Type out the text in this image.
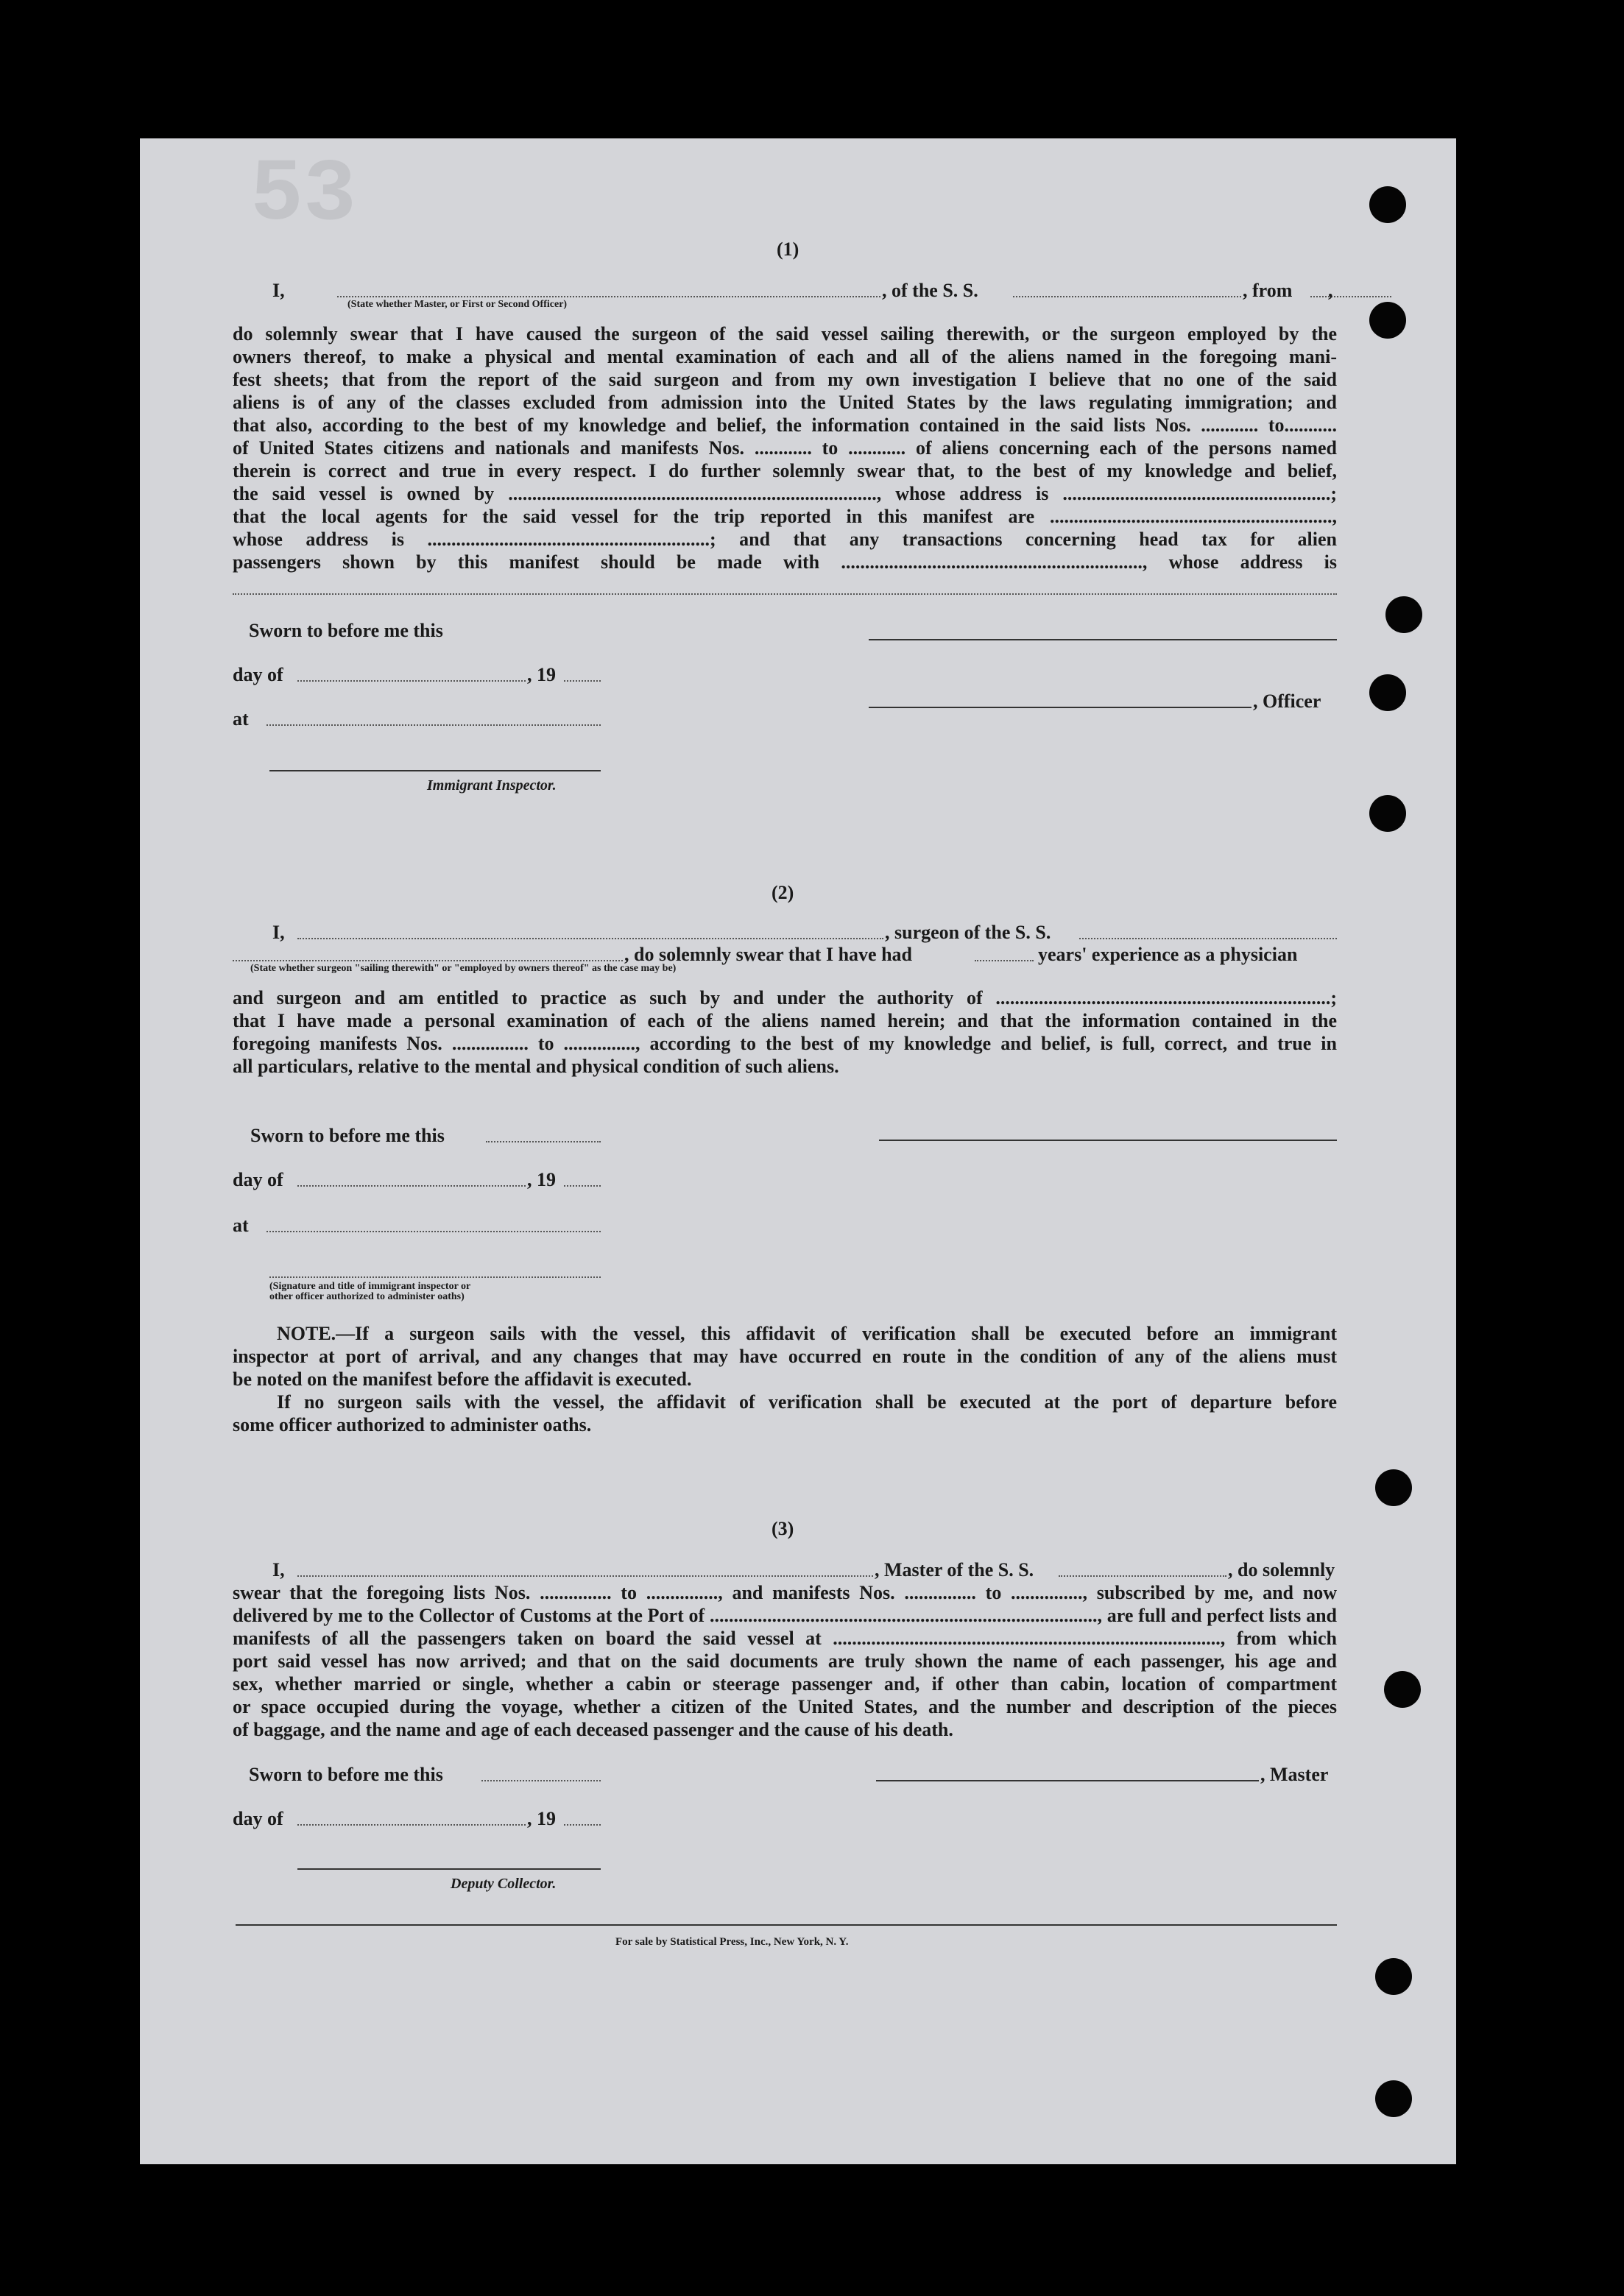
53
(1)
I,	, of the S. S.	, from ,
(State whether Master, or First or Second Officer)

do solemnly swear that I have caused the surgeon of the said vessel sailing therewith, or the surgeon employed by the

owners thereof, to make a physical and mental examination of each and all of the aliens named in the foregoing mani-

fest sheets; that from the report of the said surgeon and from my own investigation I believe that no one of the said

aliens is of any of the classes excluded from admission into the United States by the laws regulating immigration; and

that also, according to the best of my knowledge and belief, the information contained in the said lists Nos. ............ to...........

of United States citizens and nationals and manifests Nos. ............ to ............ of aliens concerning each of the persons named

therein is correct and true in every respect. I do further solemnly swear that, to the best of my knowledge and belief,

the said vessel is owned by ............................................................................., whose address is ........................................................;

that the local agents for the said vessel for the trip reported in this manifest are ...........................................................,

whose address is ...........................................................; and that any transactions concerning head tax for alien

passengers shown by this manifest should be made with ..............................................................., whose address is

Sworn to before me this
day of	, 19
at
Immigrant Inspector.
, Officer
(2)
I,	, surgeon of the S. S.
, do solemnly swear that I have had	years' experience as a physician
(State whether surgeon "sailing therewith" or "employed by owners thereof" as the case may be)

and surgeon and am entitled to practice as such by and under the authority of ......................................................................;

that I have made a personal examination of each of the aliens named herein; and that the information contained in the

foregoing manifests Nos. ................ to ..............., according to the best of my knowledge and belief, is full, correct, and true in

all particulars, relative to the mental and physical condition of such aliens.

Sworn to before me this
day of	, 19
at
(Signature and title of immigrant inspector or
other officer authorized to administer oaths)

NOTE.—If a surgeon sails with the vessel, this affidavit of verification shall be executed before an immigrant

inspector at port of arrival, and any changes that may have occurred en route in the condition of any of the aliens must

be noted on the manifest before the affidavit is executed.

If no surgeon sails with the vessel, the affidavit of verification shall be executed at the port of departure before

some officer authorized to administer oaths.

(3)
I,	, Master of the S. S.	, do solemnly

swear that the foregoing lists Nos. ............... to ..............., and manifests Nos. ............... to ..............., subscribed by me, and now

delivered by me to the Collector of Customs at the Port of ................................................................................., are full and perfect lists and

manifests of all the passengers taken on board the said vessel at ................................................................................., from which

port said vessel has now arrived; and that on the said documents are truly shown the name of each passenger, his age and

sex, whether married or single, whether a cabin or steerage passenger and, if other than cabin, location of compartment

or space occupied during the voyage, whether a citizen of the United States, and the number and description of the pieces

of baggage, and the name and age of each deceased passenger and the cause of his death.

Sworn to before me this
day of	, 19
Deputy Collector.
, Master
For sale by Statistical Press, Inc., New York, N. Y.
